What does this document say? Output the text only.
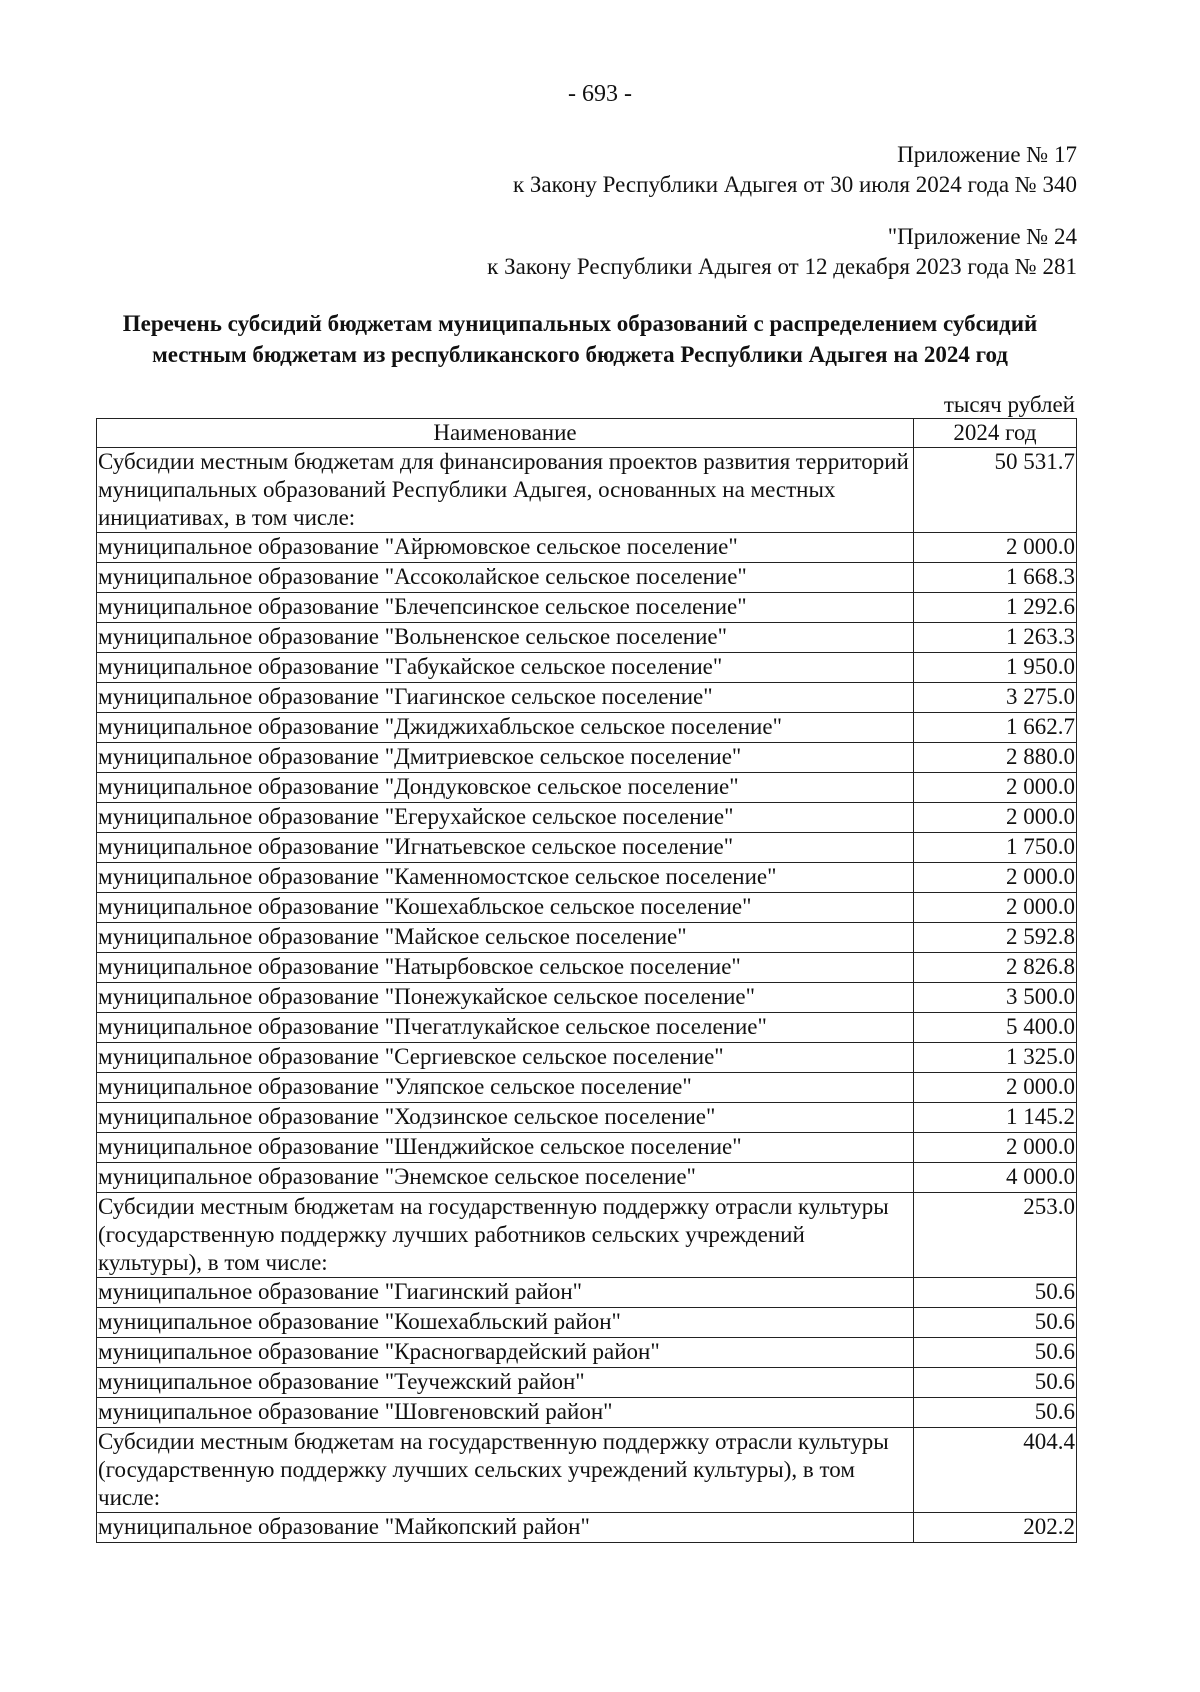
- 693 -
Приложение № 17
к Закону Республики Адыгея от 30 июля 2024 года № 340
"Приложение № 24
к Закону Республики Адыгея от 12 декабря 2023 года № 281
Перечень субсидий бюджетам муниципальных образований с распределением субсидий
местным бюджетам из республиканского бюджета Республики Адыгея на 2024 год
тысяч рублей
Наименование	2024 год
Субсидии местным бюджетам для финансирования проектов развития территорий муниципальных образований Республики Адыгея, основанных на местных инициативах, в том числе:	50 531.7
муниципальное образование "Айрюмовское сельское поселение"	2 000.0
муниципальное образование "Ассоколайское сельское поселение"	1 668.3
муниципальное образование "Блечепсинское сельское поселение"	1 292.6
муниципальное образование "Вольненское сельское поселение"	1 263.3
муниципальное образование "Габукайское сельское поселение"	1 950.0
муниципальное образование "Гиагинское сельское поселение"	3 275.0
муниципальное образование "Джиджихабльское сельское поселение"	1 662.7
муниципальное образование "Дмитриевское сельское поселение"	2 880.0
муниципальное образование "Дондуковское сельское поселение"	2 000.0
муниципальное образование "Егерухайское сельское поселение"	2 000.0
муниципальное образование "Игнатьевское сельское поселение"	1 750.0
муниципальное образование "Каменномостское сельское поселение"	2 000.0
муниципальное образование "Кошехабльское сельское поселение"	2 000.0
муниципальное образование "Майское сельское поселение"	2 592.8
муниципальное образование "Натырбовское сельское поселение"	2 826.8
муниципальное образование "Понежукайское сельское поселение"	3 500.0
муниципальное образование "Пчегатлукайское сельское поселение"	5 400.0
муниципальное образование "Сергиевское сельское поселение"	1 325.0
муниципальное образование "Уляпское сельское поселение"	2 000.0
муниципальное образование "Ходзинское сельское поселение"	1 145.2
муниципальное образование "Шенджийское сельское поселение"	2 000.0
муниципальное образование "Энемское сельское поселение"	4 000.0
Субсидии местным бюджетам на государственную поддержку отрасли культуры (государственную поддержку лучших работников сельских учреждений культуры), в том числе:	253.0
муниципальное образование "Гиагинский район"	50.6
муниципальное образование "Кошехабльский район"	50.6
муниципальное образование "Красногвардейский район"	50.6
муниципальное образование "Теучежский район"	50.6
муниципальное образование "Шовгеновский район"	50.6
Субсидии местным бюджетам на государственную поддержку отрасли культуры (государственную поддержку лучших сельских учреждений культуры), в том числе:	404.4
муниципальное образование "Майкопский район"	202.2
